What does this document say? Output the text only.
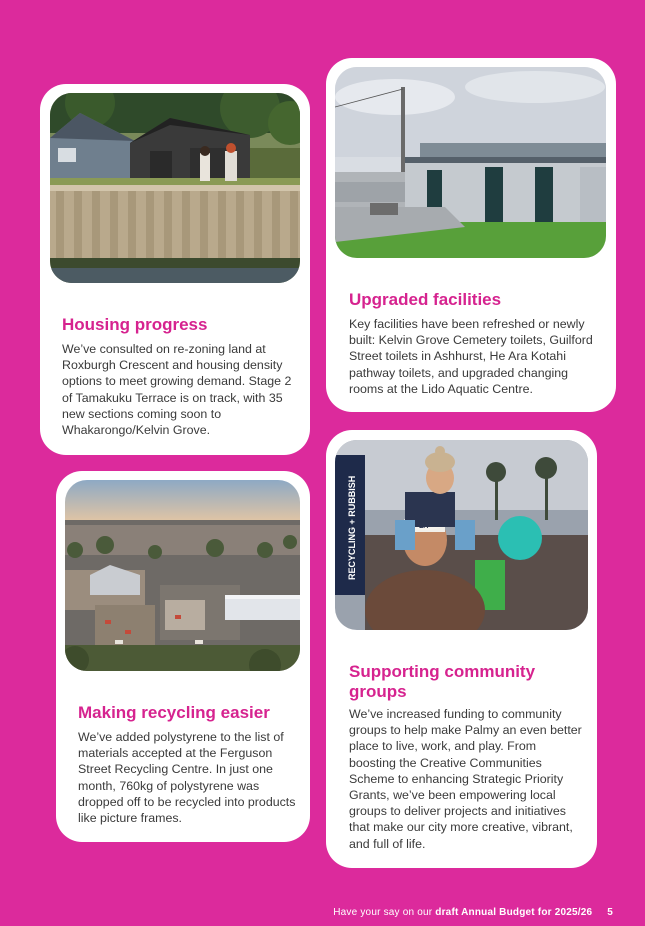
Housing progress

We’ve consulted on re-zoning land at Roxburgh Crescent and housing density options to meet growing demand. Stage 2 of Tamakuku Terrace is on track, with 35 new sections coming soon to Whakarongo/Kelvin Grove.

Upgraded facilities

Key facilities have been refreshed or newly built: Kelvin Grove Cemetery toilets, Guilford Street toilets in Ashhurst, He Ara Kotahi pathway toilets, and upgraded changing rooms at the Lido Aquatic Centre.

Making recycling easier

We’ve added polystyrene to the list of materials accepted at the Ferguson Street Recycling Centre. In just one month, 760kg of polystyrene was dropped off to be recycled into products like picture frames.

RECYCLING + RUBBISH
Supporting community groups

We’ve increased funding to community groups to help make Palmy an even better place to live, work, and play. From boosting the Creative Communities Scheme to enhancing Strategic Priority Grants, we’ve been empowering local groups to deliver projects and initiatives that make our city more creative, vibrant, and full of life.

Have your say on our draft Annual Budget for 2025/26 5
